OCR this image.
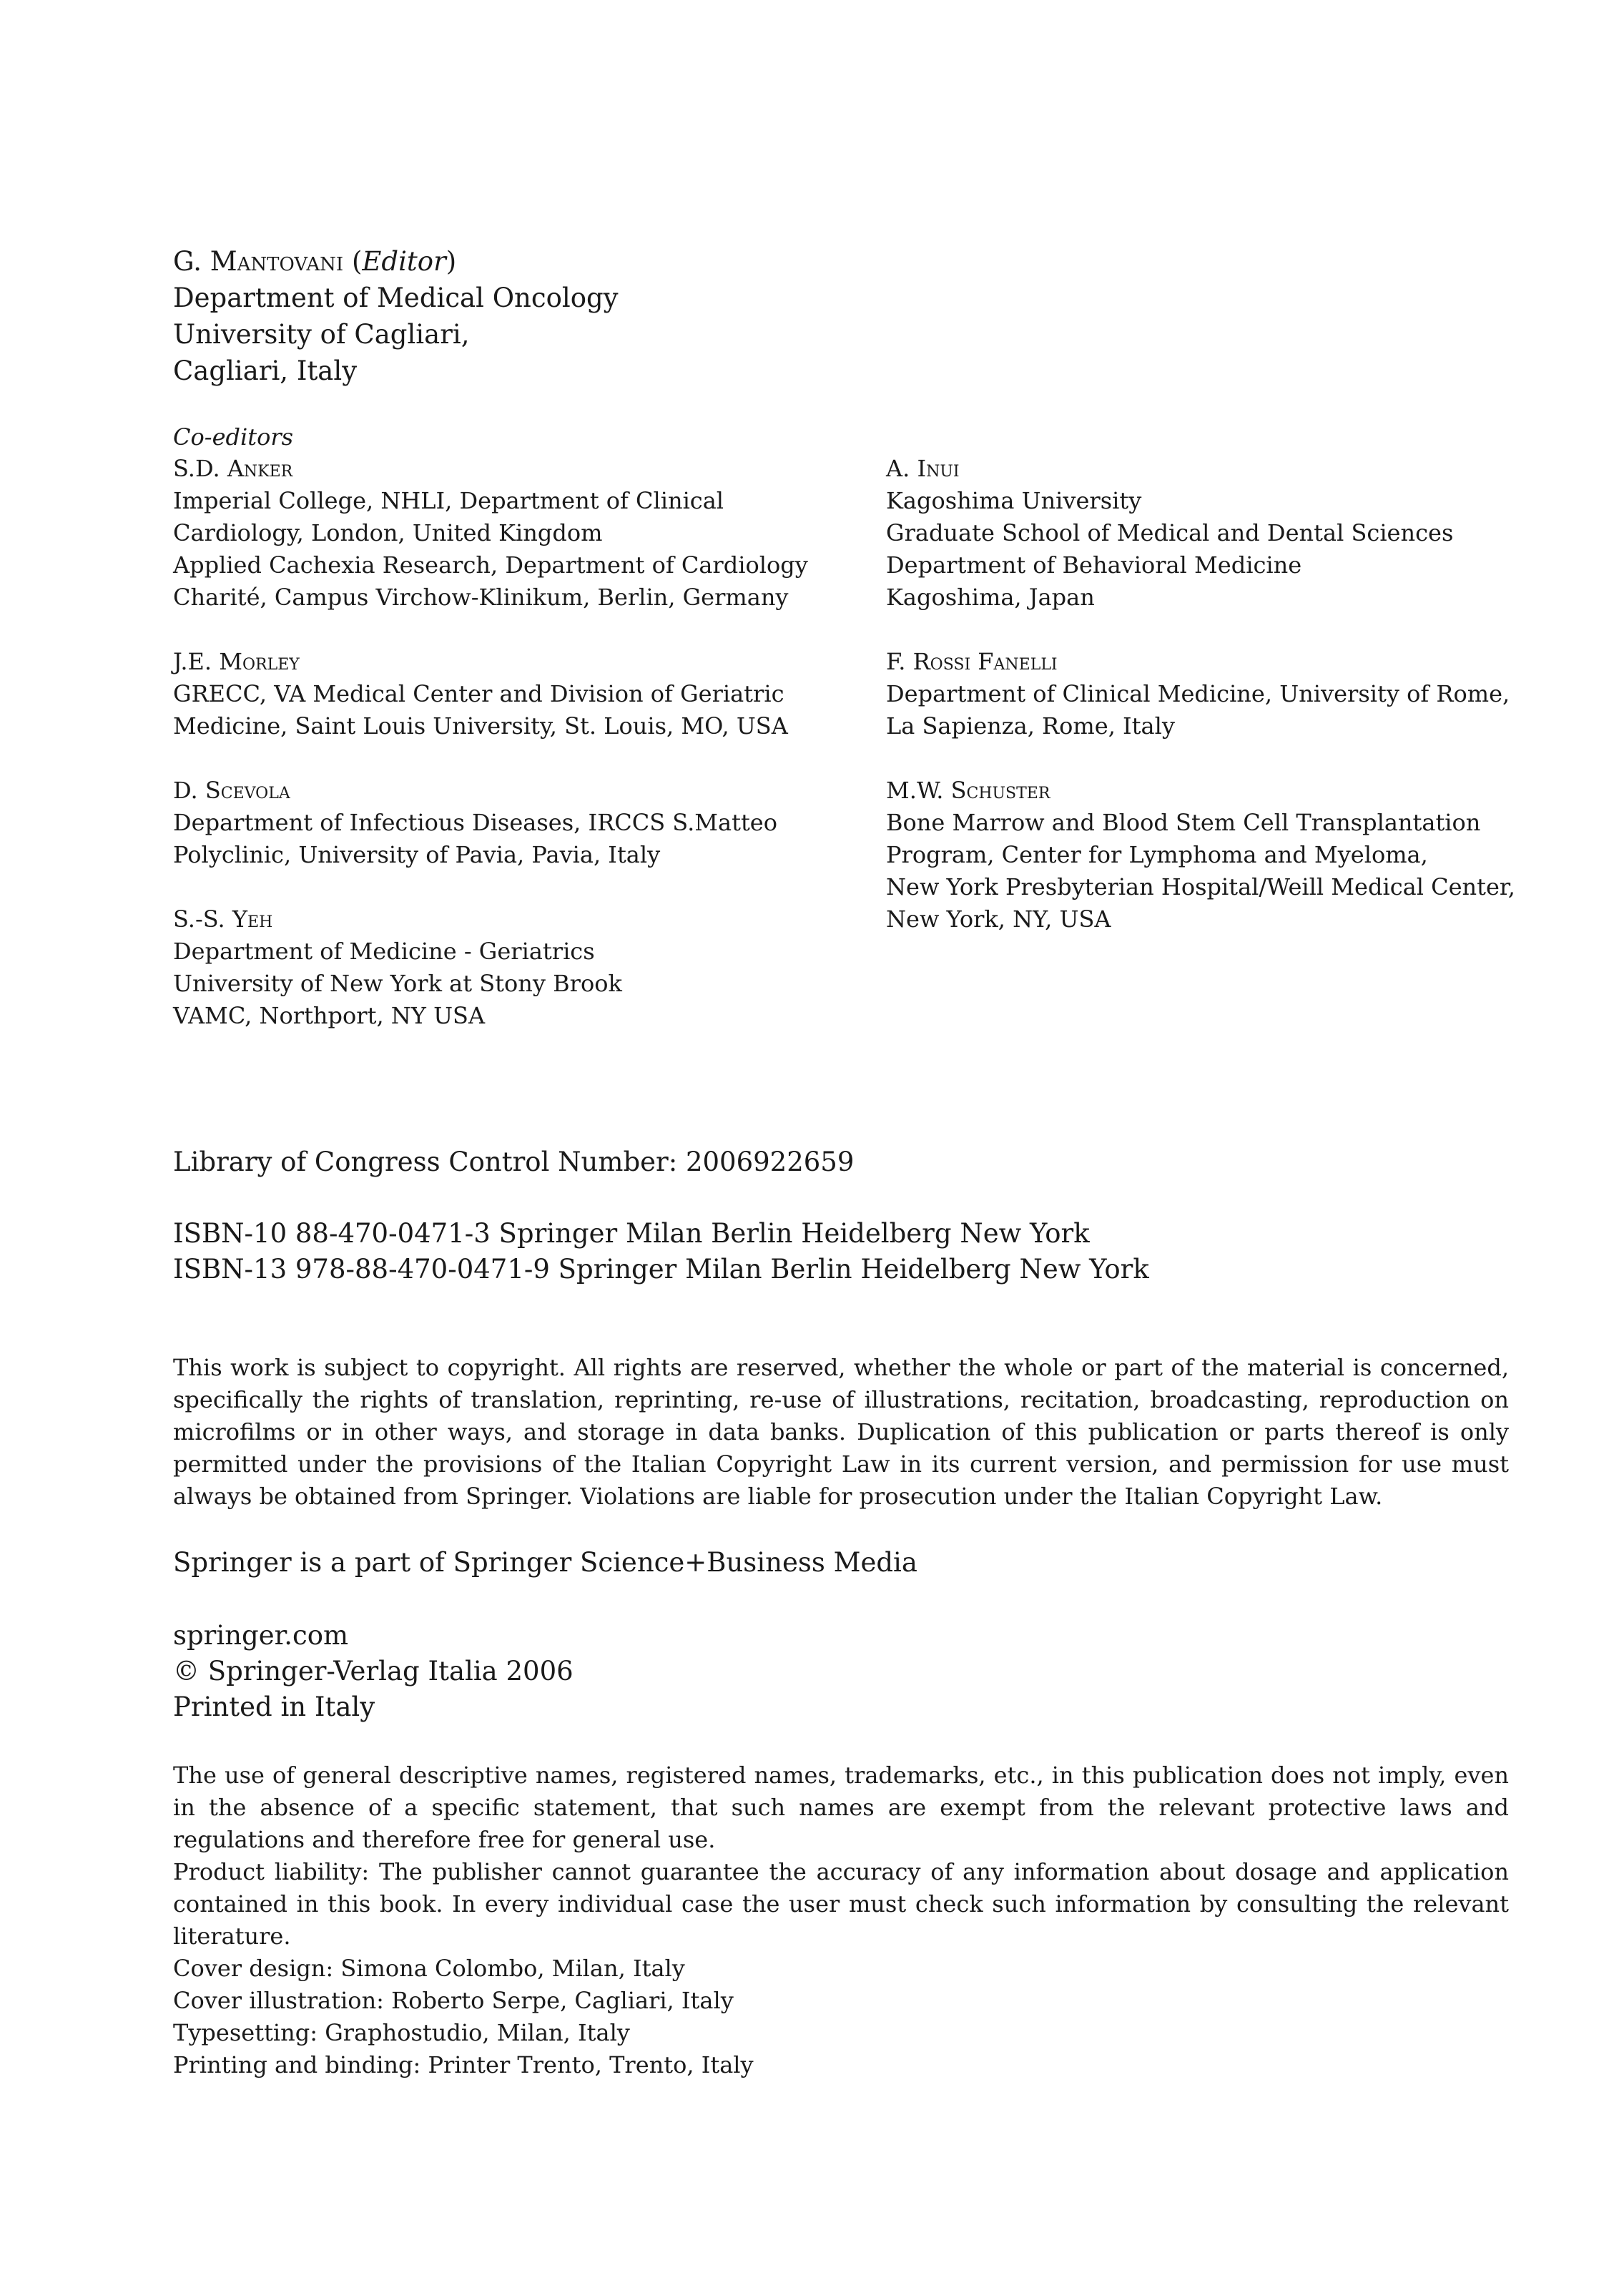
G. Mantovani (Editor)
Department of Medical Oncology
University of Cagliari,
Cagliari, Italy
Co-editors
S.D. Anker
Imperial College, NHLI, Department of Clinical
Cardiology, London, United Kingdom
Applied Cachexia Research, Department of Cardiology
Charité, Campus Virchow-Klinikum, Berlin, Germany
J.E. Morley
GRECC, VA Medical Center and Division of Geriatric
Medicine, Saint Louis University, St. Louis, MO, USA
D. Scevola
Department of Infectious Diseases, IRCCS S.Matteo
Polyclinic, University of Pavia, Pavia, Italy
S.-S. Yeh
Department of Medicine - Geriatrics
University of New York at Stony Brook
VAMC, Northport, NY USA
A. Inui
Kagoshima University
Graduate School of Medical and Dental Sciences
Department of Behavioral Medicine
Kagoshima, Japan
F. Rossi Fanelli
Department of Clinical Medicine, University of Rome,
La Sapienza, Rome, Italy
M.W. Schuster
Bone Marrow and Blood Stem Cell Transplantation
Program, Center for Lymphoma and Myeloma,
New York Presbyterian Hospital/Weill Medical Center,
New York, NY, USA
Library of Congress Control Number: 2006922659
ISBN-10 88-470-0471-3 Springer Milan Berlin Heidelberg New York
ISBN-13 978-88-470-0471-9 Springer Milan Berlin Heidelberg New York
This work is subject to copyright. All rights are reserved, whether the whole or part of the material is concerned, specifically the rights of translation, reprinting, re-use of illustrations, recitation, broadcasting, reproduction on microfilms or in other ways, and storage in data banks. Duplication of this publication or parts thereof is only permitted under the provisions of the Italian Copyright Law in its current version, and permission for use must always be obtained from Springer. Violations are liable for prosecution under the Italian Copyright Law.
Springer is a part of Springer Science+Business Media
springer.com
© Springer-Verlag Italia 2006
Printed in Italy
The use of general descriptive names, registered names, trademarks, etc., in this publication does not imply, even in the absence of a specific statement, that such names are exempt from the relevant protective laws and regulations and therefore free for general use.
Product liability: The publisher cannot guarantee the accuracy of any information about dosage and application contained in this book. In every individual case the user must check such information by consulting the relevant literature.
Cover design: Simona Colombo, Milan, Italy
Cover illustration: Roberto Serpe, Cagliari, Italy
Typesetting: Graphostudio, Milan, Italy
Printing and binding: Printer Trento, Trento, Italy
